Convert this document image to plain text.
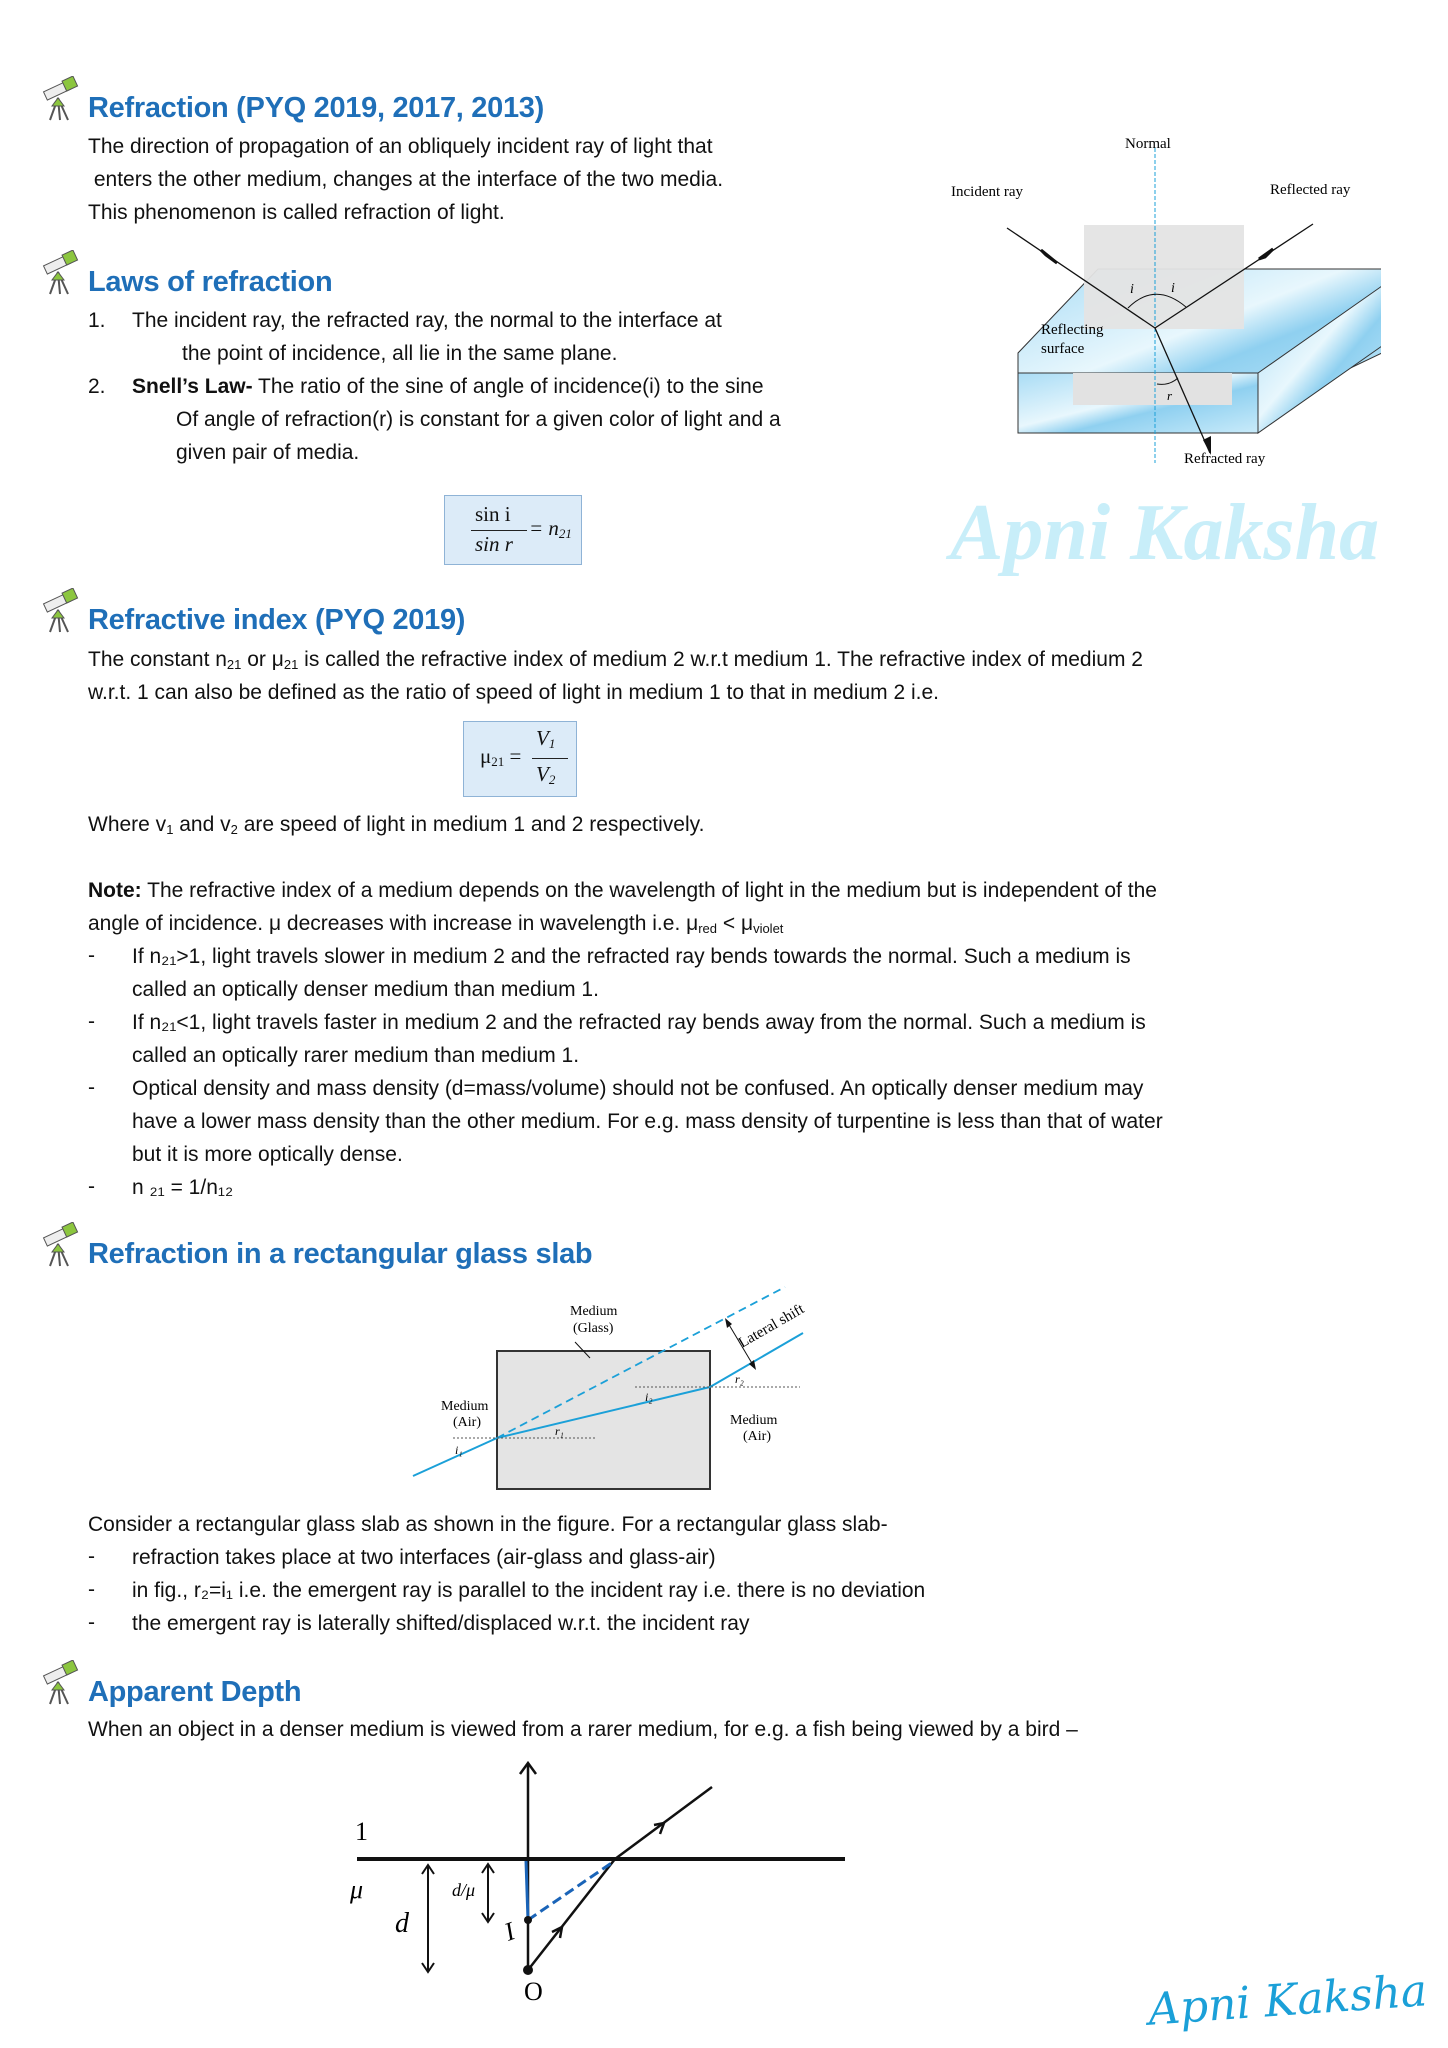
Apni Kaksha
Refraction (PYQ 2019, 2017, 2013)
The direction of propagation of an obliquely incident ray of light that
enters the other medium, changes at the interface of the two media.
This phenomenon is called refraction of light.
Laws of refraction
1. The incident ray, the refracted ray, the normal to the interface at
the point of incidence, all lie in the same plane.
2. Snell’s Law- The ratio of the sine of angle of incidence(i) to the sine
Of angle of refraction(r) is constant for a given color of light and a
given pair of media.
sin i
sin r
= $n_{21}$
Normal
Incident ray	Reflected ray
i	i
Reflecting
surface
r
Refracted ray
Refractive index (PYQ 2019)
The constant $n_{21}$ or $\mu_{21}$ is called the refractive index of medium 2 w.r.t medium 1. The refractive index of medium 2
w.r.t. 1 can also be defined as the ratio of speed of light in medium 1 to that in medium 2 i.e.
$\mu_{21}$ =
$V_1$
$V_2$
Where $v_1$ and $v_2$ are speed of light in medium 1 and 2 respectively.
Note: The refractive index of a medium depends on the wavelength of light in the medium but is independent of the
angle of incidence. μ decreases with increase in wavelength i.e. $\mu_{red} < \mu_{violet}$
- If n₂₁>1, light travels slower in medium 2 and the refracted ray bends towards the normal. Such a medium is
called an optically denser medium than medium 1.
- If n₂₁<1, light travels faster in medium 2 and the refracted ray bends away from the normal. Such a medium is
called an optically rarer medium than medium 1.
- Optical density and mass density (d=mass/volume) should not be confused. An optically denser medium may
have a lower mass density than the other medium. For e.g. mass density of turpentine is less than that of water
but it is more optically dense.
- n ₂₁ = 1/n₁₂
Refraction in a rectangular glass slab
Medium
(Glass)
Medium
(Air)	Medium
(Air)
Lateral shift
i₁
r₁
i₂
r₂
Consider a rectangular glass slab as shown in the figure. For a rectangular glass slab-
- refraction takes place at two interfaces (air-glass and glass-air)
- in fig., r₂=i₁ i.e. the emergent ray is parallel to the incident ray i.e. there is no deviation
- the emergent ray is laterally shifted/displaced w.r.t. the incident ray
Apparent Depth
When an object in a denser medium is viewed from a rarer medium, for e.g. a fish being viewed by a bird –
1
μ
d
d/μ
I
O	Apni Kaksha
